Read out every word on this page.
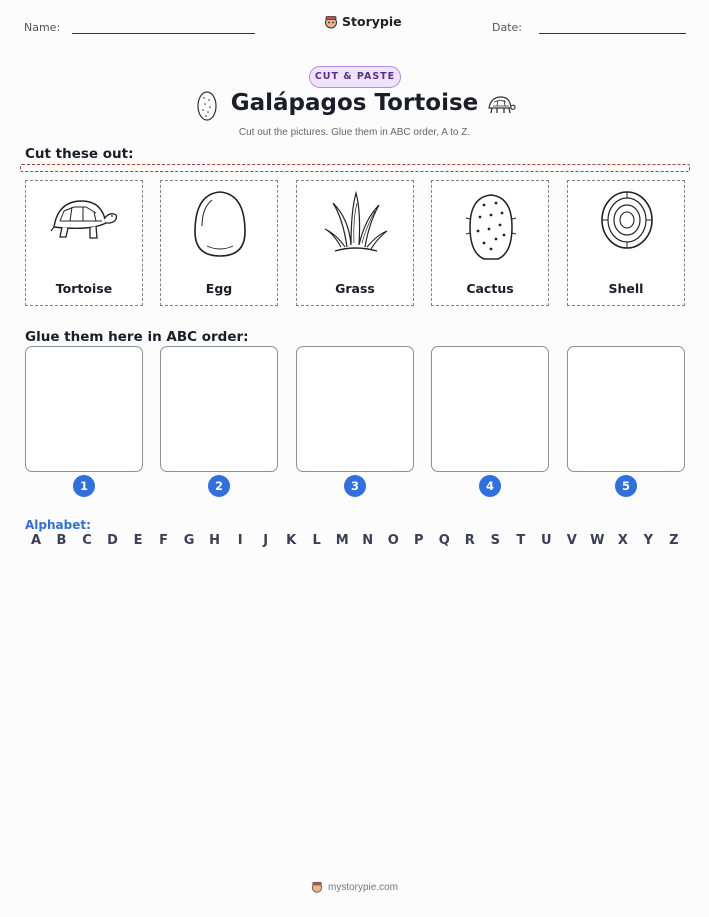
Name:	Storypie	Date:
CUT & PASTE
Galápagos Tortoise
Cut out the pictures. Glue them in ABC order, A to Z.
Cut these out:
Tortoise	Egg	Grass	Cactus	Shell
Glue them here in ABC order:
1	2	3	4	5
Alphabet:
A	B	C	D	E	F	G	H	I	J	K	L	M	N	O	P	Q	R	S	T	U	V	W	X	Y	Z
mystorypie.com
